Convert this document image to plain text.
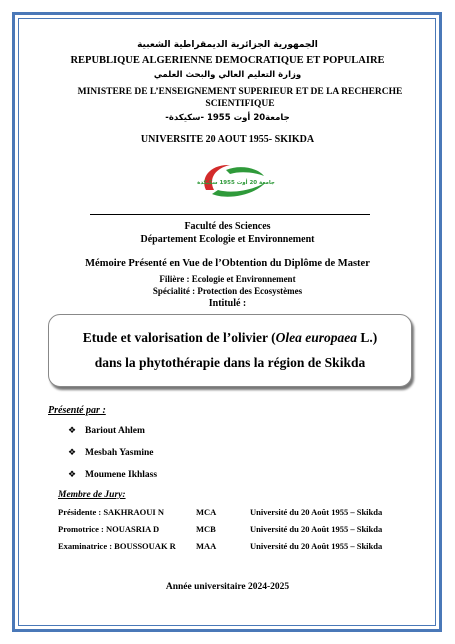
الجمهورية الجزائرية الديمقراطية الشعبية
REPUBLIQUE ALGERIENNE DEMOCRATIQUE ET POPULAIRE
وزارة التعليم العالي والبحث العلمي
MINISTERE DE L’ENSEIGNEMENT SUPERIEUR ET DE LA RECHERCHE SCIENTIFIQUE
جامعة20 أوت 1955 -سكيكدة-
UNIVERSITE 20 AOUT 1955- SKIKDA
جامعة 20 أوت 1955 سكيكدة
Faculté des Sciences
Département Ecologie et Environnement
Mémoire Présenté en Vue de l’Obtention du Diplôme de Master
Filière : Ecologie et Environnement
Spécialité : Protection des Ecosystèmes
Intitulé :
Etude et valorisation de l’olivier (Olea europaea L.)
dans la phytothérapie dans la région de Skikda
Présenté par :
❖ Bariout Ahlem
❖ Mesbah Yasmine
❖ Moumene Ikhlass
Membre de Jury:
Présidente : SAKHRAOUI N	MCA	Université du 20 Août 1955 – Skikda
Promotrice : NOUASRIA D	MCB	Université du 20 Août 1955 – Skikda
Examinatrice : BOUSSOUAK R MAA	Université du 20 Août 1955 – Skikda
Année universitaire 2024-2025
